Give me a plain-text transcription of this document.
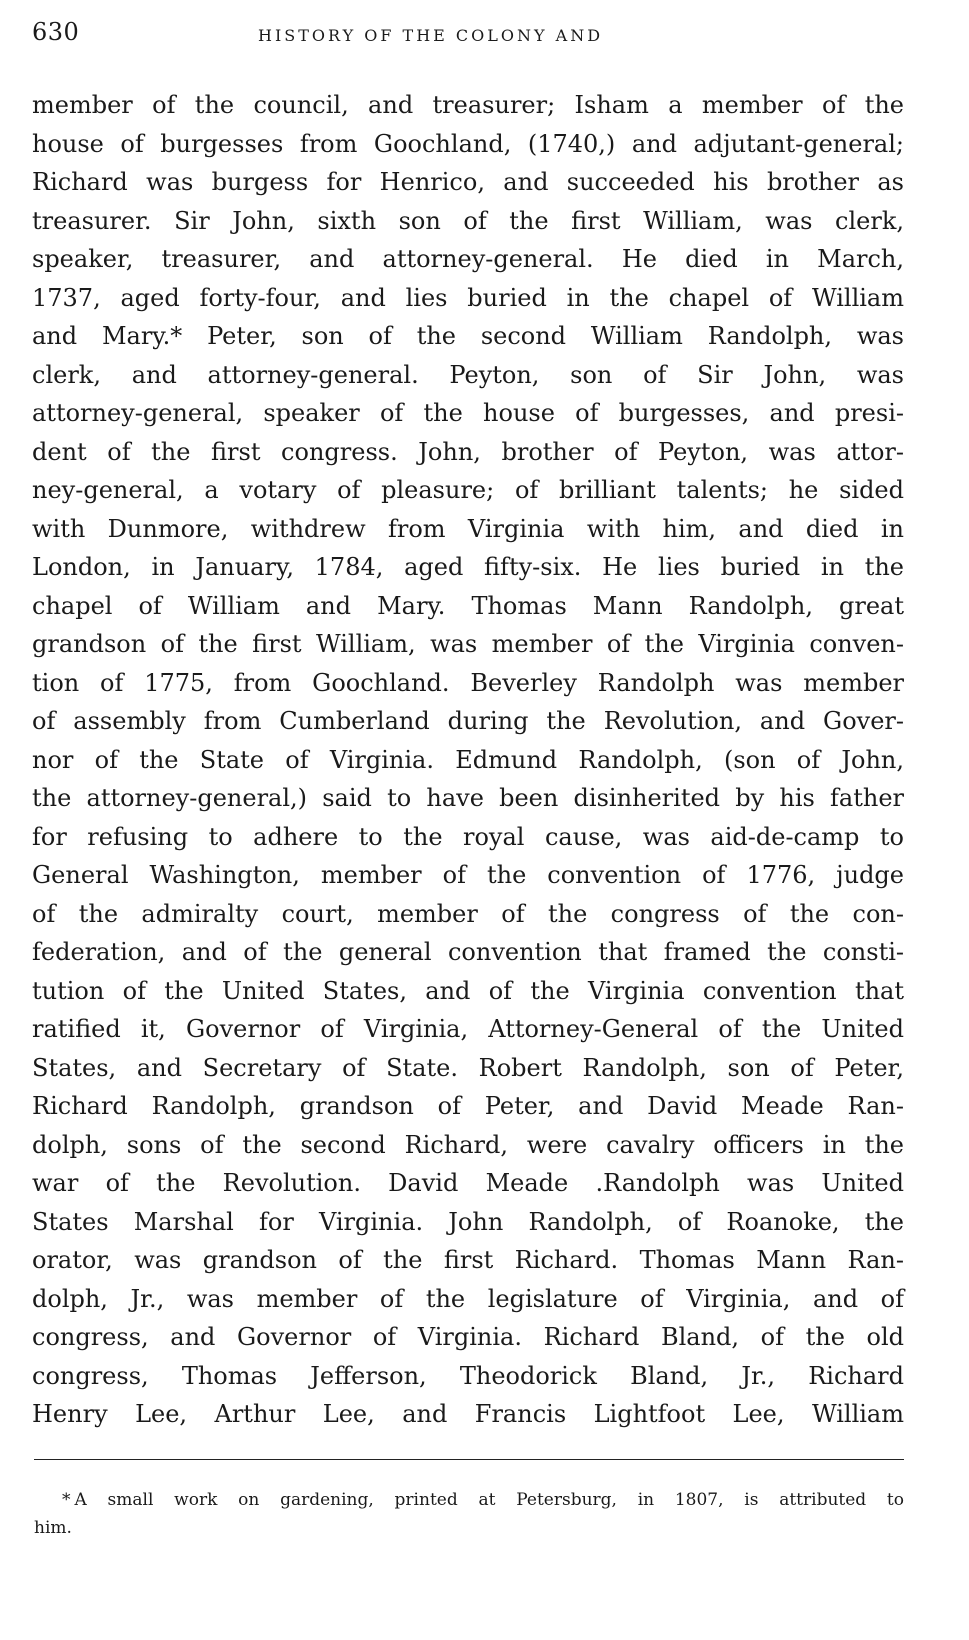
630	HISTORY OF THE COLONY AND
member of the council, and treasurer; Isham a member of the
house of burgesses from Goochland, (1740,) and adjutant-general;
Richard was burgess for Henrico, and succeeded his brother as
treasurer. Sir John, sixth son of the first William, was clerk,
speaker, treasurer, and attorney-general. He died in March,
1737, aged forty-four, and lies buried in the chapel of William
and Mary.* Peter, son of the second William Randolph, was
clerk, and attorney-general. Peyton, son of Sir John, was
attorney-general, speaker of the house of burgesses, and presi-
dent of the first congress. John, brother of Peyton, was attor-
ney-general, a votary of pleasure; of brilliant talents; he sided
with Dunmore, withdrew from Virginia with him, and died in
London, in January, 1784, aged fifty-six. He lies buried in the
chapel of William and Mary. Thomas Mann Randolph, great
grandson of the first William, was member of the Virginia conven-
tion of 1775, from Goochland. Beverley Randolph was member
of assembly from Cumberland during the Revolution, and Gover-
nor of the State of Virginia. Edmund Randolph, (son of John,
the attorney-general,) said to have been disinherited by his father
for refusing to adhere to the royal cause, was aid-de-camp to
General Washington, member of the convention of 1776, judge
of the admiralty court, member of the congress of the con-
federation, and of the general convention that framed the consti-
tution of the United States, and of the Virginia convention that
ratified it, Governor of Virginia, Attorney-General of the United
States, and Secretary of State. Robert Randolph, son of Peter,
Richard Randolph, grandson of Peter, and David Meade Ran-
dolph, sons of the second Richard, were cavalry officers in the
war of the Revolution. David Meade .Randolph was United
States Marshal for Virginia. John Randolph, of Roanoke, the
orator, was grandson of the first Richard. Thomas Mann Ran-
dolph, Jr., was member of the legislature of Virginia, and of
congress, and Governor of Virginia. Richard Bland, of the old
congress, Thomas Jefferson, Theodorick Bland, Jr., Richard
Henry Lee, Arthur Lee, and Francis Lightfoot Lee, William
* A small work on gardening, printed at Petersburg, in 1807, is attributed to
him.
